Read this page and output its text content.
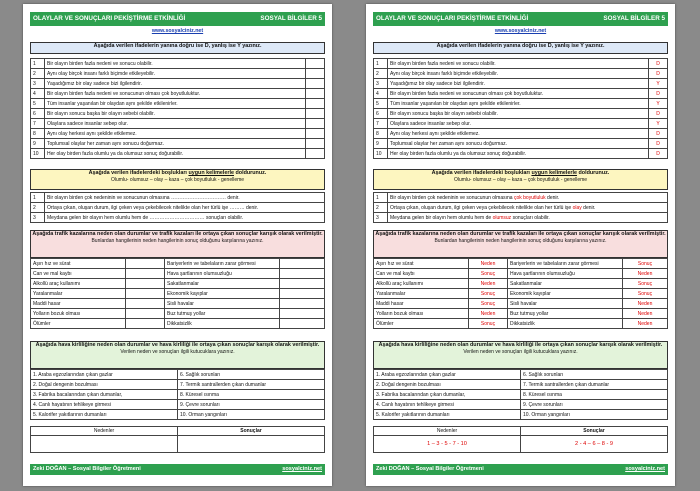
OLAYLAR VE SONUÇLARI PEKİŞTİRME ETKİNLİĞİ	SOSYAL BİLGİLER 5
www.sosyalciniz.net
Aşağıda verilen ifadelerin yanına doğru ise D, yanlış ise Y yazınız.
1	Bir olayın birden fazla nedeni ve sonucu olabilir.	
2	Aynı olay birçok insanı farklı biçimde etkileyebilir.	
3	Yaşadığımız bir olay sadece bizi ilgilendirir.	
4	Bir olayın birden fazla nedeni ve sonucunun olması çok boyutluluktur.	
5	Tüm insanlar yaşanılan bir olaydan aynı şekilde etkilenirler.	
6	Bir olayın sonucu başka bir olayın sebebi olabilir.	
7	Olaylara sadece insanlar sebep olur.	
8	Aynı olay herkesi aynı şekilde etkilemez.	
9	Toplumsal olaylar her zaman aynı sonucu doğurmaz.	
10	Her olay birden fazla olumlu ya da olumsuz sonuç doğurabilir.	
Aşağıda verilen ifadelerdeki boşlukları uygun kelimelerle doldurunuz.
Olumlu- olumsuz – olay – kaza – çok boyutluluk - genelleme
1	Bir olayın birden çok nedeninin ve sonucunun olmasına …………………………… denir.
2	Ortaya çıkan, oluşan durum, ilgi çeken veya çekebilecek nitelikte olan her türlü işe ……… denir.
3	Meydana gelen bir olayın hem olumlu hem de …………………………… sonuçları olabilir.
Aşağıda trafik kazalarına neden olan durumlar ve trafik kazaları ile ortaya çıkan sonuçlar karışık olarak verilmiştir.
Bunlardan hangilerinin neden hangilerinin sonuç olduğunu karşılarına yazınız.
Aşırı hız ve sürat		Bariyerlerin ve tabelaların zarar görmesi	
Can ve mal kaybı		Hava şartlarının olumsuzluğu	
Alkollü araç kullanımı		Sakatlanmalar	
Yaralanmalar		Ekonomik kayıplar	
Maddi hasar		Sisli havalar	
Yolların bozuk olması		Buz tutmuş yollar	
Ölümler		Dikkatsizlik	
Aşağıda hava kirliliğine neden olan durumlar ve hava kirliliği ile ortaya çıkan sonuçlar karışık olarak verilmiştir.
Verilen neden ve sonuçları ilgili kutucuklara yazınız.
1. Araba egzozlarından çıkan gazlar	6. Sağlık sorunları
2. Doğal dengenin bozulması	7. Termik santrallerden çıkan dumanlar
3. Fabrika bacalarından çıkan dumanlar,	8. Küresel ısınma
4. Canlı hayatının tehlikeye girmesi	9. Çevre sorunları
5. Kalorifer yakıtlarının dumanları	10. Orman yangınları
Nedenler	Sonuçlar

Zeki DOĞAN – Sosyal Bilgiler Öğretmeni	sosyalciniz.net
OLAYLAR VE SONUÇLARI PEKİŞTİRME ETKİNLİĞİ	SOSYAL BİLGİLER 5
www.sosyalciniz.net
Aşağıda verilen ifadelerin yanına doğru ise D, yanlış ise Y yazınız.
1	Bir olayın birden fazla nedeni ve sonucu olabilir.	D
2	Aynı olay birçok insanı farklı biçimde etkileyebilir.	D
3	Yaşadığımız bir olay sadece bizi ilgilendirir.	Y
4	Bir olayın birden fazla nedeni ve sonucunun olması çok boyutluluktur.	D
5	Tüm insanlar yaşanılan bir olaydan aynı şekilde etkilenirler.	Y
6	Bir olayın sonucu başka bir olayın sebebi olabilir.	D
7	Olaylara sadece insanlar sebep olur.	Y
8	Aynı olay herkesi aynı şekilde etkilemez.	D
9	Toplumsal olaylar her zaman aynı sonucu doğurmaz.	D
10	Her olay birden fazla olumlu ya da olumsuz sonuç doğurabilir.	D
Aşağıda verilen ifadelerdeki boşlukları uygun kelimelerle doldurunuz.
Olumlu- olumsuz – olay – kaza – çok boyutluluk - genelleme
1	Bir olayın birden çok nedeninin ve sonucunun olmasına çok boyutluluk denir.
2	Ortaya çıkan, oluşan durum, ilgi çeken veya çekebilecek nitelikte olan her türlü işe olay denir.
3	Meydana gelen bir olayın hem olumlu hem de olumsuz sonuçları olabilir.
Aşağıda trafik kazalarına neden olan durumlar ve trafik kazaları ile ortaya çıkan sonuçlar karışık olarak verilmiştir.
Bunlardan hangilerinin neden hangilerinin sonuç olduğunu karşılarına yazınız.
Aşırı hız ve sürat	Neden	Bariyerlerin ve tabelaların zarar görmesi	Sonuç
Can ve mal kaybı	Sonuç	Hava şartlarının olumsuzluğu	Neden
Alkollü araç kullanımı	Neden	Sakatlanmalar	Sonuç
Yaralanmalar	Sonuç	Ekonomik kayıplar	Sonuç
Maddi hasar	Sonuç	Sisli havalar	Neden
Yolların bozuk olması	Neden	Buz tutmuş yollar	Neden
Ölümler	Sonuç	Dikkatsizlik	Neden
Aşağıda hava kirliliğine neden olan durumlar ve hava kirliliği ile ortaya çıkan sonuçlar karışık olarak verilmiştir.
Verilen neden ve sonuçları ilgili kutucuklara yazınız.
1. Araba egzozlarından çıkan gazlar	6. Sağlık sorunları
2. Doğal dengenin bozulması	7. Termik santrallerden çıkan dumanlar
3. Fabrika bacalarından çıkan dumanlar,	8. Küresel ısınma
4. Canlı hayatının tehlikeye girmesi	9. Çevre sorunları
5. Kalorifer yakıtlarının dumanları	10. Orman yangınları
Nedenler	Sonuçlar
1 – 3 - 5 - 7 - 10	2 - 4 – 6 – 8 - 9
Zeki DOĞAN – Sosyal Bilgiler Öğretmeni	sosyalciniz.net
